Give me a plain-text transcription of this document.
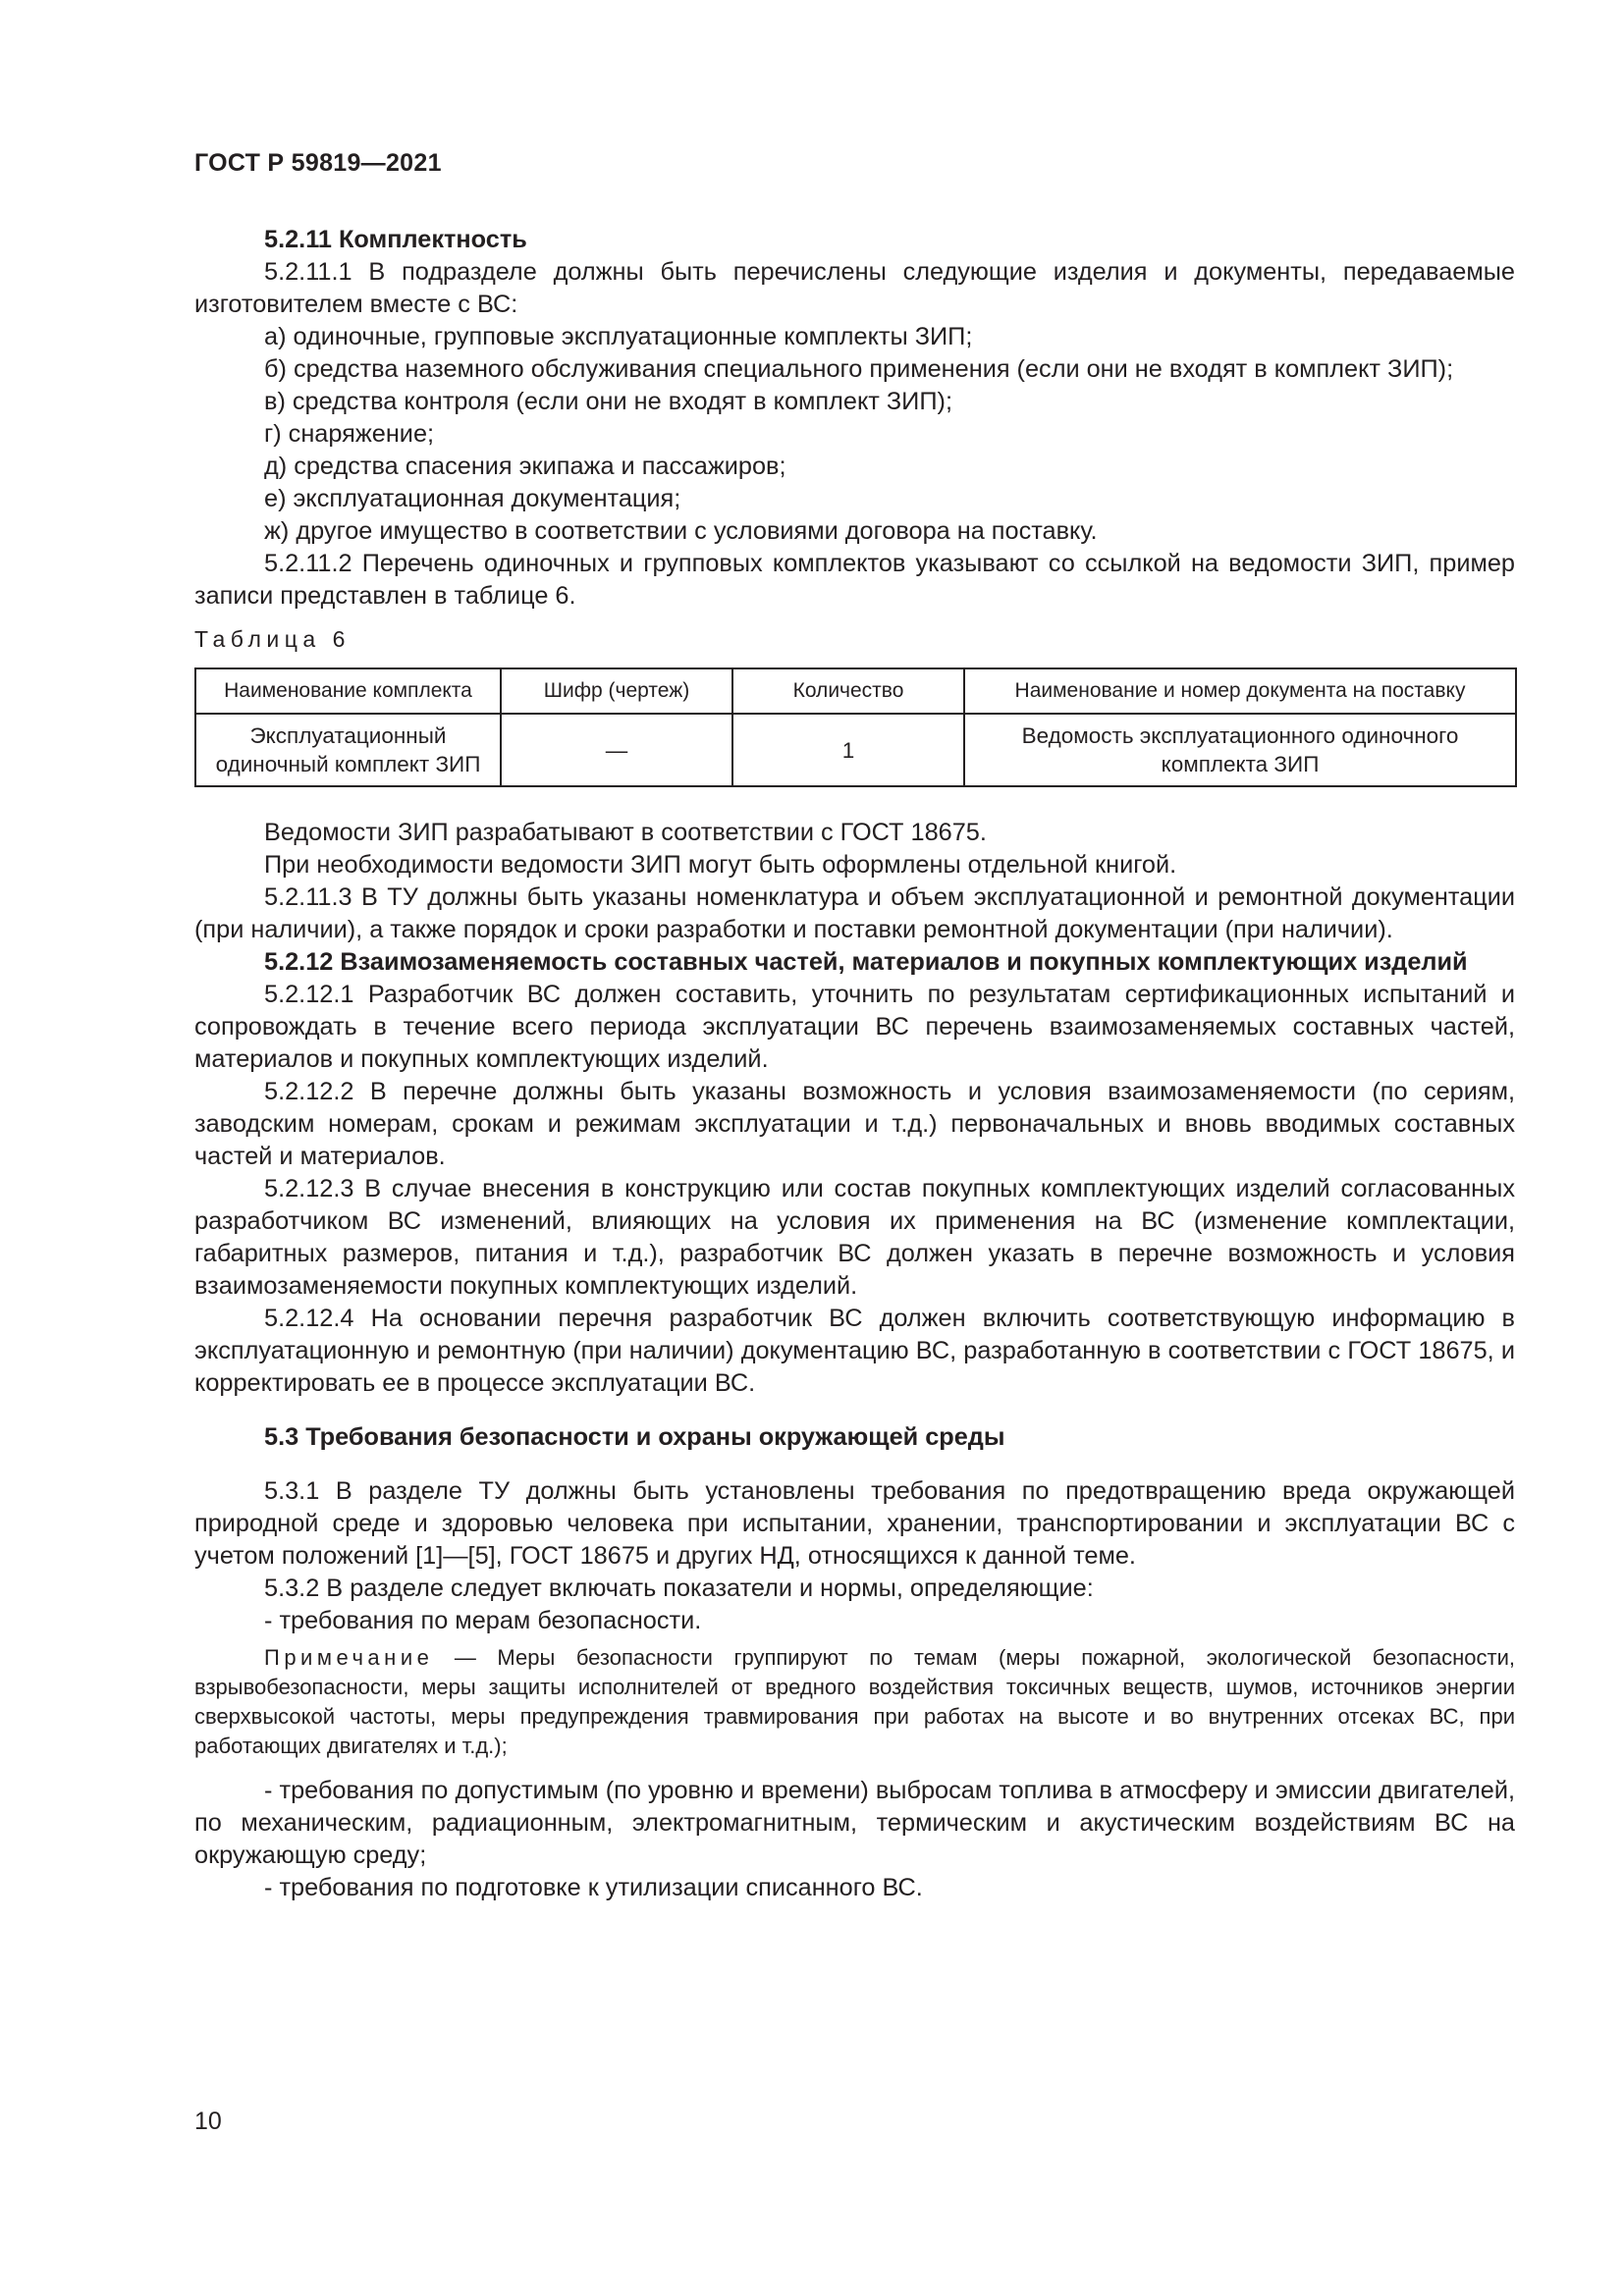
ГОСТ Р 59819—2021

5.2.11 Комплектность

5.2.11.1 В подразделе должны быть перечислены следующие изделия и документы, передаваемые изготовителем вместе с ВС:

а) одиночные, групповые эксплуатационные комплекты ЗИП;

б) средства наземного обслуживания специального применения (если они не входят в комплект ЗИП);

в) средства контроля (если они не входят в комплект ЗИП);

г) снаряжение;

д) средства спасения экипажа и пассажиров;

е) эксплуатационная документация;

ж) другое имущество в соответствии с условиями договора на поставку.

5.2.11.2 Перечень одиночных и групповых комплектов указывают со ссылкой на ведомости ЗИП, пример записи представлен в таблице 6.

Таблица 6
Наименование комплекта	Шифр (чертеж)	Количество	Наименование и номер документа на поставку
Эксплуатационный одиночный комплект ЗИП	—	1	Ведомость эксплуатационного одиночного комплекта ЗИП

Ведомости ЗИП разрабатывают в соответствии с ГОСТ 18675.

При необходимости ведомости ЗИП могут быть оформлены отдельной книгой.

5.2.11.3 В ТУ должны быть указаны номенклатура и объем эксплуатационной и ремонтной документации (при наличии), а также порядок и сроки разработки и поставки ремонтной документации (при наличии).

5.2.12 Взаимозаменяемость составных частей, материалов и покупных комплектующих изделий

5.2.12.1 Разработчик ВС должен составить, уточнить по результатам сертификационных испытаний и сопровождать в течение всего периода эксплуатации ВС перечень взаимозаменяемых составных частей, материалов и покупных комплектующих изделий.

5.2.12.2 В перечне должны быть указаны возможность и условия взаимозаменяемости (по сериям, заводским номерам, срокам и режимам эксплуатации и т.д.) первоначальных и вновь вводимых составных частей и материалов.

5.2.12.3 В случае внесения в конструкцию или состав покупных комплектующих изделий согласованных разработчиком ВС изменений, влияющих на условия их применения на ВС (изменение комплектации, габаритных размеров, питания и т.д.), разработчик ВС должен указать в перечне возможность и условия взаимозаменяемости покупных комплектующих изделий.

5.2.12.4 На основании перечня разработчик ВС должен включить соответствующую информацию в эксплуатационную и ремонтную (при наличии) документацию ВС, разработанную в соответствии с ГОСТ 18675, и корректировать ее в процессе эксплуатации ВС.

5.3 Требования безопасности и охраны окружающей среды

5.3.1 В разделе ТУ должны быть установлены требования по предотвращению вреда окружающей природной среде и здоровью человека при испытании, хранении, транспортировании и эксплуатации ВС с учетом положений [1]—[5], ГОСТ 18675 и других НД, относящихся к данной теме.

5.3.2 В разделе следует включать показатели и нормы, определяющие:

- требования по мерам безопасности.

Примечание — Меры безопасности группируют по темам (меры пожарной, экологической безопасности, взрывобезопасности, меры защиты исполнителей от вредного воздействия токсичных веществ, шумов, источников энергии сверхвысокой частоты, меры предупреждения травмирования при работах на высоте и во внутренних отсеках ВС, при работающих двигателях и т.д.);

- требования по допустимым (по уровню и времени) выбросам топлива в атмосферу и эмиссии двигателей, по механическим, радиационным, электромагнитным, термическим и акустическим воздействиям ВС на окружающую среду;

- требования по подготовке к утилизации списанного ВС.

10
